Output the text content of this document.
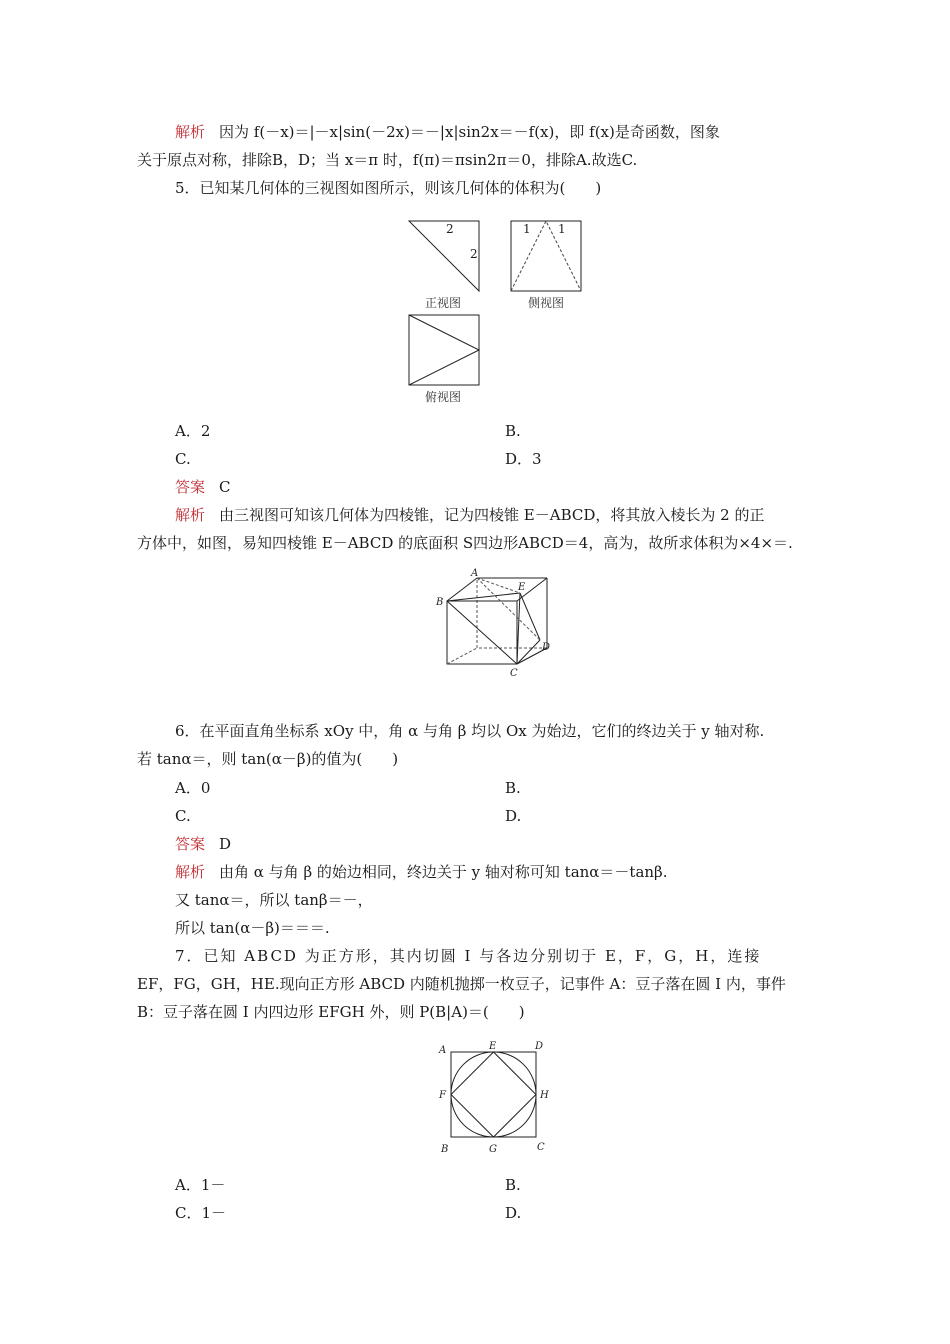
解析 因为 f(－x)＝|－x|sin(－2x)＝－|x|sin2x＝－f(x)，即 f(x)是奇函数，图象
关于原点对称，排除B，D；当 x＝π 时，f(π)＝πsin2π＝0，排除A.故选C.
5．已知某几何体的三视图如图所示，则该几何体的体积为(　　)
2
2
正视图
1 1
侧视图
俯视图
A．2	B.
C.	D．3
答案 C
解析 由三视图可知该几何体为四棱锥，记为四棱锥 E－ABCD，将其放入棱长为 2 的正
方体中，如图，易知四棱锥 E－ABCD 的底面积 S四边形ABCD＝4，高为，故所求体积为×4×＝.
A
B
E
D
C
6．在平面直角坐标系 xOy 中，角 α 与角 β 均以 Ox 为始边，它们的终边关于 y 轴对称.
若 tanα＝，则 tan(α－β)的值为(　　)
A．0	B.
C.	D.
答案 D
解析 由角 α 与角 β 的始边相同，终边关于 y 轴对称可知 tanα＝－tanβ.
又 tanα＝，所以 tanβ＝－，
所以 tan(α－β)＝＝＝.
7．已知 ABCD 为正方形，其内切圆 I 与各边分别切于 E，F，G，H，连接
EF，FG，GH，HE.现向正方形 ABCD 内随机抛掷一枚豆子，记事件 A：豆子落在圆 I 内，事件
B：豆子落在圆 I 内四边形 EFGH 外，则 P(B|A)＝(　　)
A	E	D
F	H
B	G	C
A．1－	B.
C．1－	D.
